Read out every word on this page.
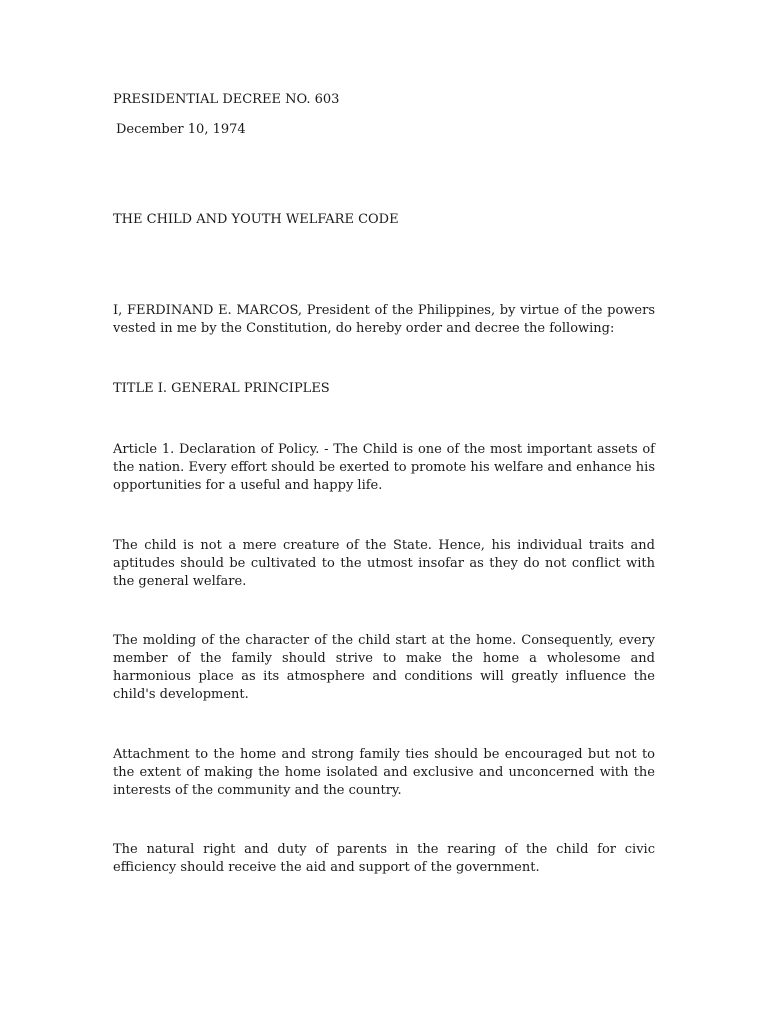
PRESIDENTIAL DECREE NO. 603

December 10, 1974

THE CHILD AND YOUTH WELFARE CODE

I, FERDINAND E. MARCOS, President of the Philippines, by virtue of the powers vested in me by the Constitution, do hereby order and decree the following:

TITLE I. GENERAL PRINCIPLES

Article 1. Declaration of Policy. - The Child is one of the most important assets of the nation. Every effort should be exerted to promote his welfare and enhance his opportunities for a useful and happy life.

The child is not a mere creature of the State. Hence, his individual traits and aptitudes should be cultivated to the utmost insofar as they do not conflict with the general welfare.

The molding of the character of the child start at the home. Consequently, every member of the family should strive to make the home a wholesome and harmonious place as its atmosphere and conditions will greatly influence the child's development.

Attachment to the home and strong family ties should be encouraged but not to the extent of making the home isolated and exclusive and unconcerned with the interests of the community and the country.

The natural right and duty of parents in the rearing of the child for civic efficiency should receive the aid and support of the government.
